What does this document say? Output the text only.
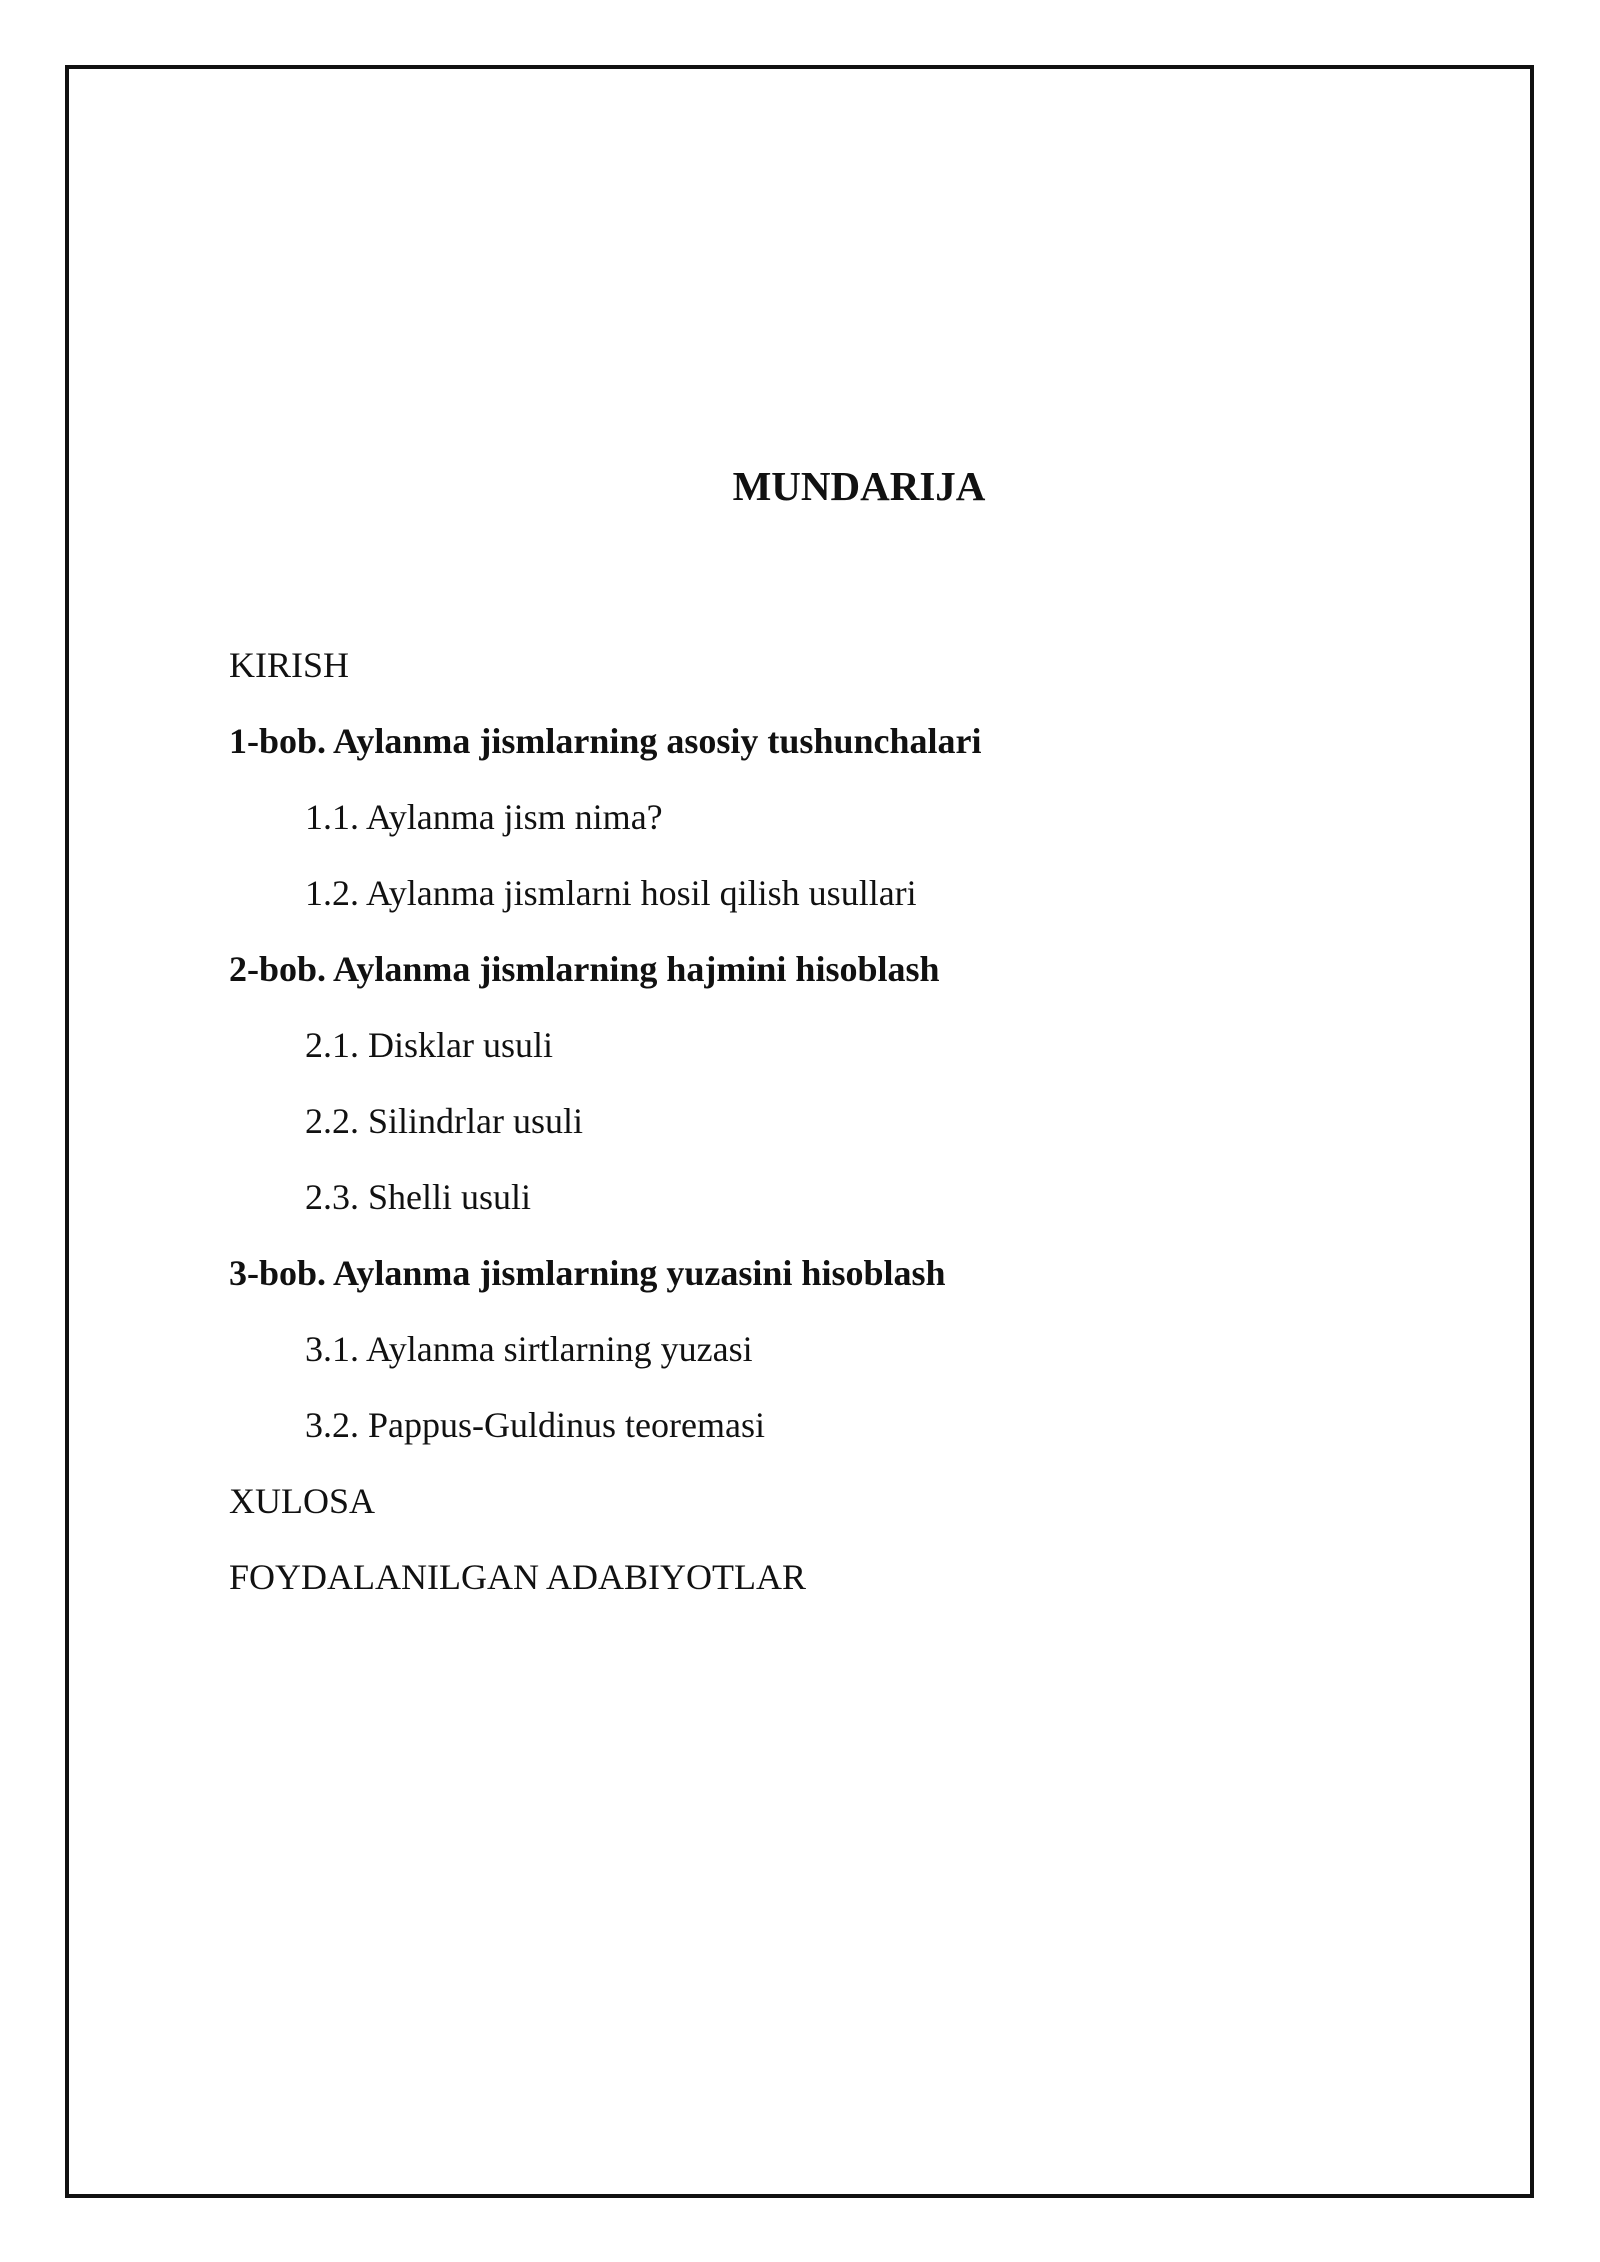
MUNDARIJA
KIRISH
1-bob. Aylanma jismlarning asosiy tushunchalari
1.1. Aylanma jism nima?
1.2. Aylanma jismlarni hosil qilish usullari
2-bob. Aylanma jismlarning hajmini hisoblash
2.1. Disklar usuli
2.2. Silindrlar usuli
2.3. Shelli usuli
3-bob. Aylanma jismlarning yuzasini hisoblash
3.1. Aylanma sirtlarning yuzasi
3.2. Pappus-Guldinus teoremasi
XULOSA
FOYDALANILGAN ADABIYOTLAR
